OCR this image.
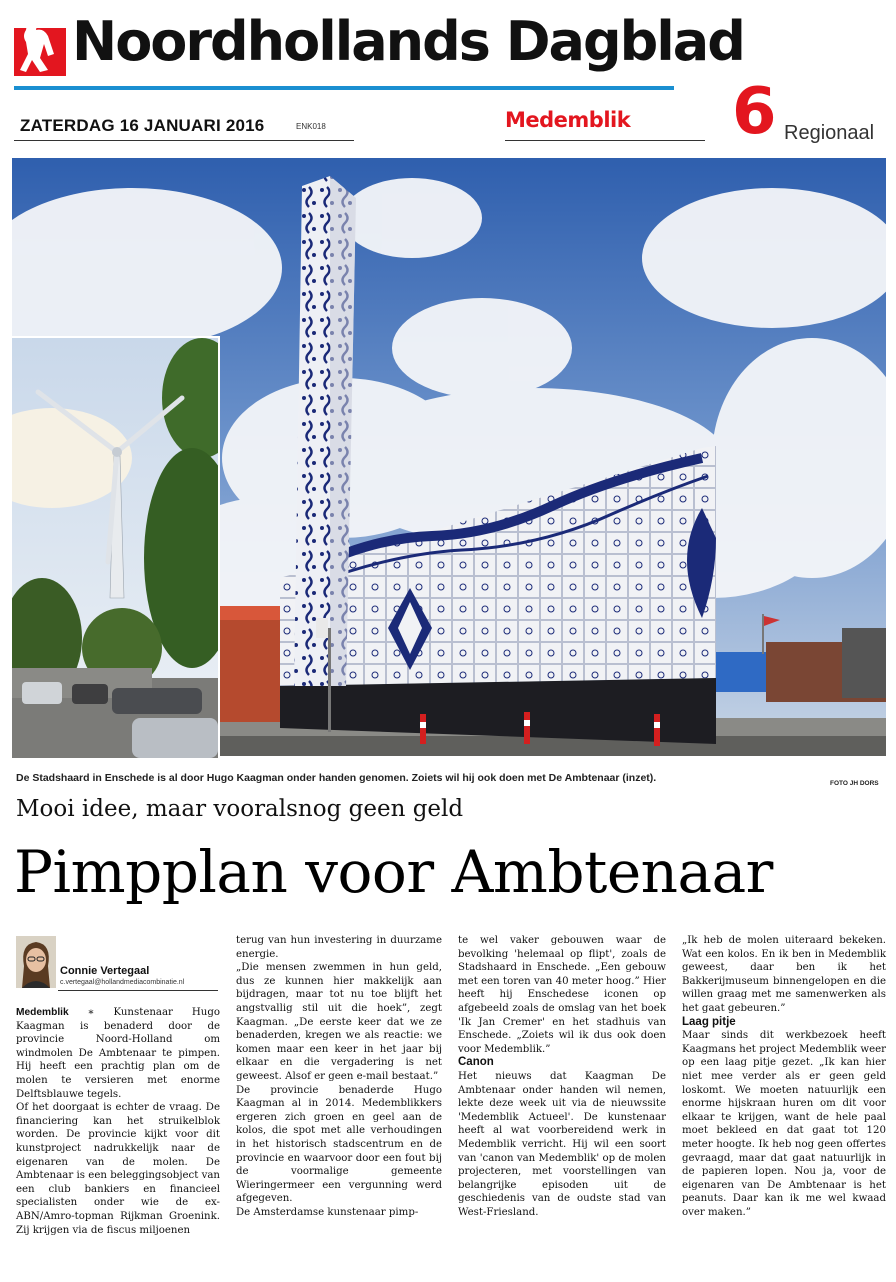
Noordhollands Dagblad
ZATERDAG 16 JANUARI 2016	ENK018	Medemblik 6 Regionaal
De Stadshaard in Enschede is al door Hugo Kaagman onder handen genomen. Zoiets wil hij ook doen met De Ambtenaar (inzet).	FOTO JH DORS
Mooi idee, maar vooralsnog geen geld
Pimpplan voor Ambtenaar
Connie Vertegaal
c.vertegaal@hollandmediacombinatie.nl

Medemblik ∗ Kunstenaar Hugo Kaagman is benaderd door de provincie Noord-Holland om windmolen De Ambtenaar te pimpen. Hij heeft een prachtig plan om de molen te versieren met enorme Delftsblauwe tegels.

Of het doorgaat is echter de vraag. De financiering kan het struikelblok worden. De provincie kijkt voor dit kunstproject nadrukkelijk naar de eigenaren van de molen. De Ambtenaar is een beleggingsobject van een club bankiers en financieel specialisten onder wie de ex-ABN/Amro-topman Rijkman Groenink. Zij krijgen via de fiscus miljoenen

terug van hun investering in duurzame energie.

„Die mensen zwemmen in hun geld, dus ze kunnen hier makkelijk aan bijdragen, maar tot nu toe blijft het angstvallig stil uit die hoek”, zegt Kaagman. „De eerste keer dat we ze benaderden, kregen we als reactie: we komen maar een keer in het jaar bij elkaar en die vergadering is net geweest. Alsof er geen e-mail bestaat.”

De provincie benaderde Hugo Kaagman al in 2014. Medemblikkers ergeren zich groen en geel aan de kolos, die spot met alle verhoudingen in het historisch stadscentrum en de provincie en waarvoor door een fout bij de voormalige gemeente Wieringermeer een vergunning werd afgegeven.

De Amsterdamse kunstenaar pimp-

te wel vaker gebouwen waar de bevolking 'helemaal op flipt', zoals de Stadshaard in Enschede. „Een gebouw met een toren van 40 meter hoog.” Hier heeft hij Enschedese iconen op afgebeeld zoals de omslag van het boek 'Ik Jan Cremer' en het stadhuis van Enschede. „Zoiets wil ik dus ook doen voor Medemblik.”

Canon

Het nieuws dat Kaagman De Ambtenaar onder handen wil nemen, lekte deze week uit via de nieuwssite 'Medemblik Actueel'. De kunstenaar heeft al wat voorbereidend werk in Medemblik verricht. Hij wil een soort van 'canon van Medemblik' op de molen projecteren, met voorstellingen van belangrijke episoden uit de geschiedenis van de oudste stad van West-Friesland.

„Ik heb de molen uiteraard bekeken. Wat een kolos. En ik ben in Medemblik geweest, daar ben ik het Bakkerijmuseum binnengelopen en die willen graag met me samenwerken als het gaat gebeuren.”

Laag pitje

Maar sinds dit werkbezoek heeft Kaagmans het project Medemblik weer op een laag pitje gezet. „Ik kan hier niet mee verder als er geen geld loskomt. We moeten natuurlijk een enorme hijskraan huren om dit voor elkaar te krijgen, want de hele paal moet bekleed en dat gaat tot 120 meter hoogte. Ik heb nog geen offertes gevraagd, maar dat gaat natuurlijk in de papieren lopen. Nou ja, voor de eigenaren van De Ambtenaar is het peanuts. Daar kan ik me wel kwaad over maken.”
